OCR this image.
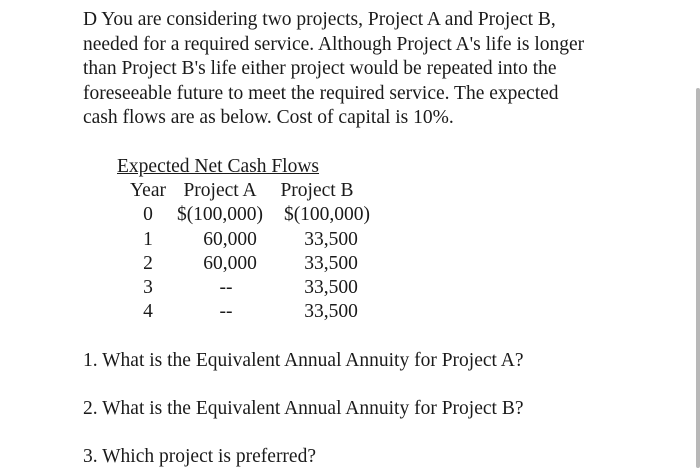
D You are considering two projects, Project A and Project B,
needed for a required service. Although Project A's life is longer
than Project B's life either project would be repeated into the
foreseeable future to meet the required service. The expected
cash flows are as below. Cost of capital is 10%.
Expected Net Cash Flows
Year Project A	Project B
0	$(100,000)	$(100,000)
1	60,000	33,500
2	60,000	33,500
3	--	33,500
4	--	33,500

1. What is the Equivalent Annual Annuity for Project A?

2. What is the Equivalent Annual Annuity for Project B?

3. Which project is preferred?
